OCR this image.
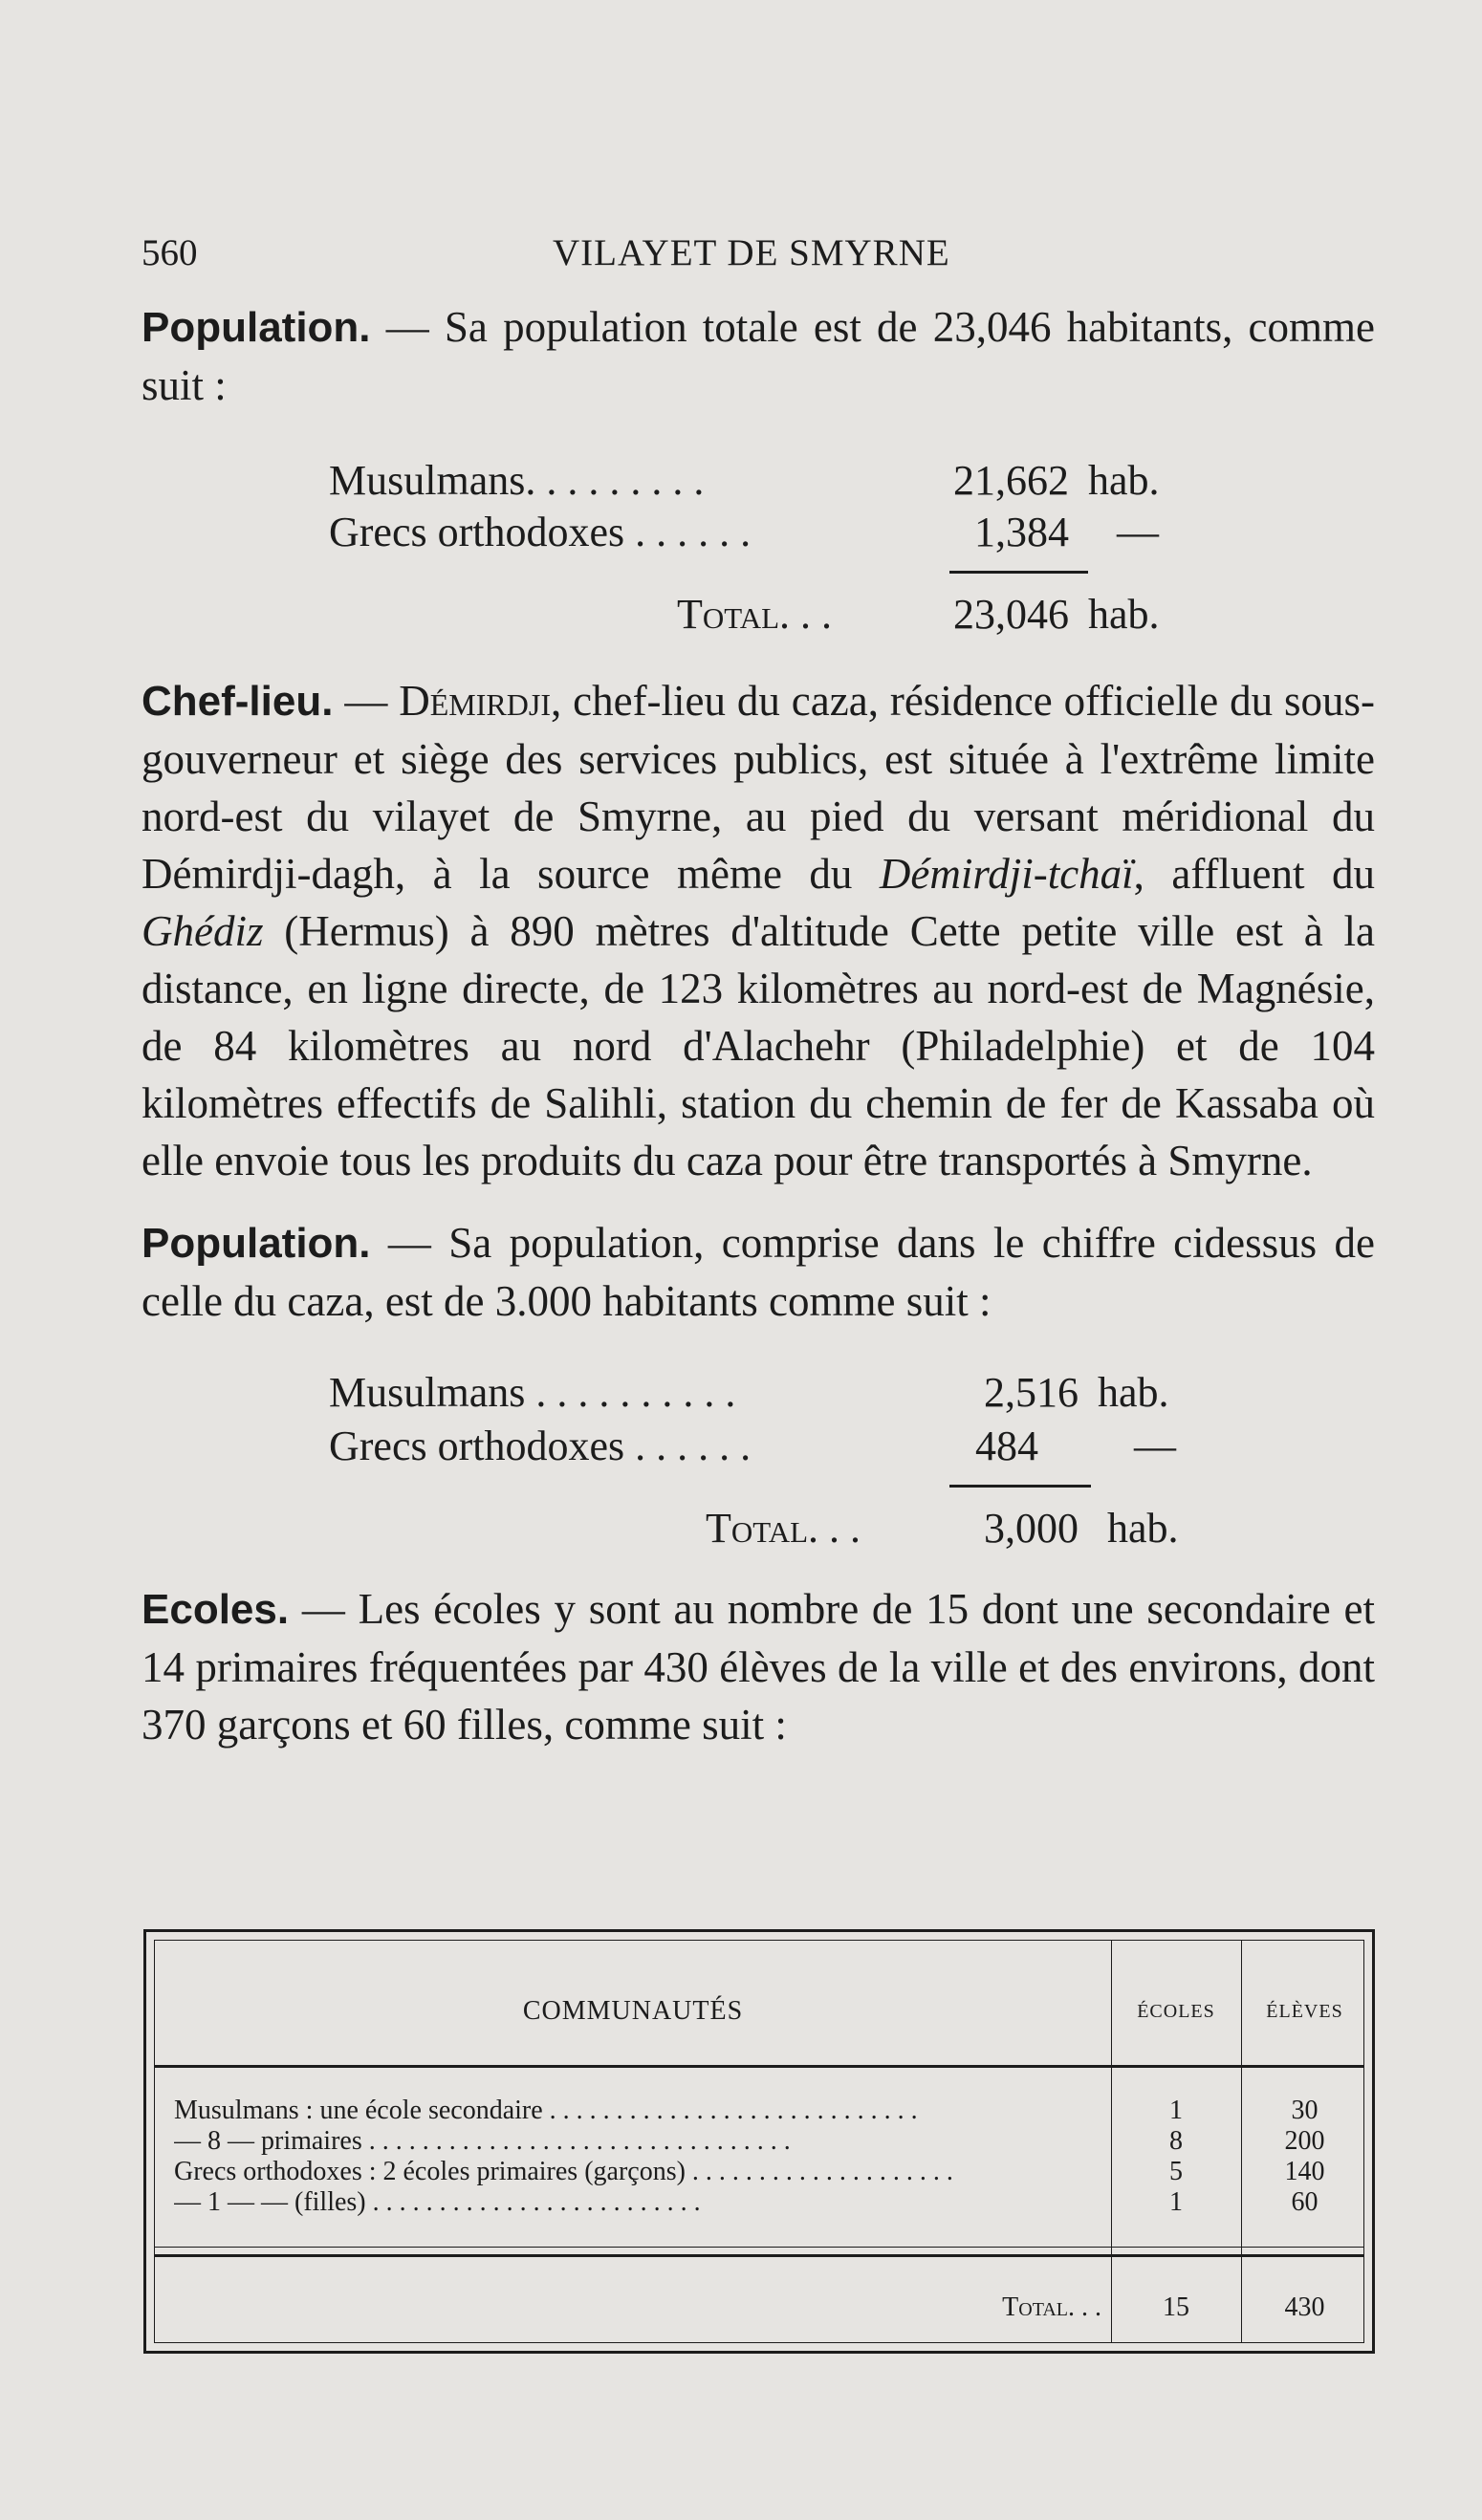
560	VILAYET DE SMYRNE

Population. — Sa population totale est de 23,046 habitants, comme suit :

Musulmans. . . . . . . . .	21,662 hab.
Grecs orthodoxes . . . . . .	1,384 —
Total. . .	23,046 hab.

Chef-lieu. — Démirdji, chef-lieu du caza, résidence officielle du sous-gouverneur et siège des services publics, est située à l'extrême limite nord-est du vilayet de Smyrne, au pied du versant méridional du Démirdji-dagh, à la source même du Démirdji-tchaï, affluent du Ghédiz (Hermus) à 890 mètres d'altitude Cette petite ville est à la distance, en ligne directe, de 123 kilomètres au nord-est de Magnésie, de 84 kilomètres au nord d'Alachehr (Philadelphie) et de 104 kilomètres effectifs de Salihli, station du chemin de fer de Kassaba où elle envoie tous les produits du caza pour être transportés à Smyrne.

Population. — Sa population, comprise dans le chiffre cidessus de celle du caza, est de 3.000 habitants comme suit :

Musulmans . . . . . . . . . .	2,516 hab.
Grecs orthodoxes . . . . . .	484	—
Total. . .	3,000 hab.

Ecoles. — Les écoles y sont au nombre de 15 dont une secondaire et 14 primaires fréquentées par 430 élèves de la ville et des environs, dont 370 garçons et 60 filles, comme suit :

COMMUNAUTÉS	ÉCOLES	ÉLÈVES
Musulmans : une école secondaire . . . . . . . . . . . . . . . . . . . . . . . . . . . .	1	30
— 8 — primaires . . . . . . . . . . . . . . . . . . . . . . . . . . . . . . . .	8	200
Grecs orthodoxes : 2 écoles primaires (garçons) . . . . . . . . . . . . . . . . . . . .	5	140
— 1 — — (filles) . . . . . . . . . . . . . . . . . . . . . . . . .	1	60
Total. . .	15	430
